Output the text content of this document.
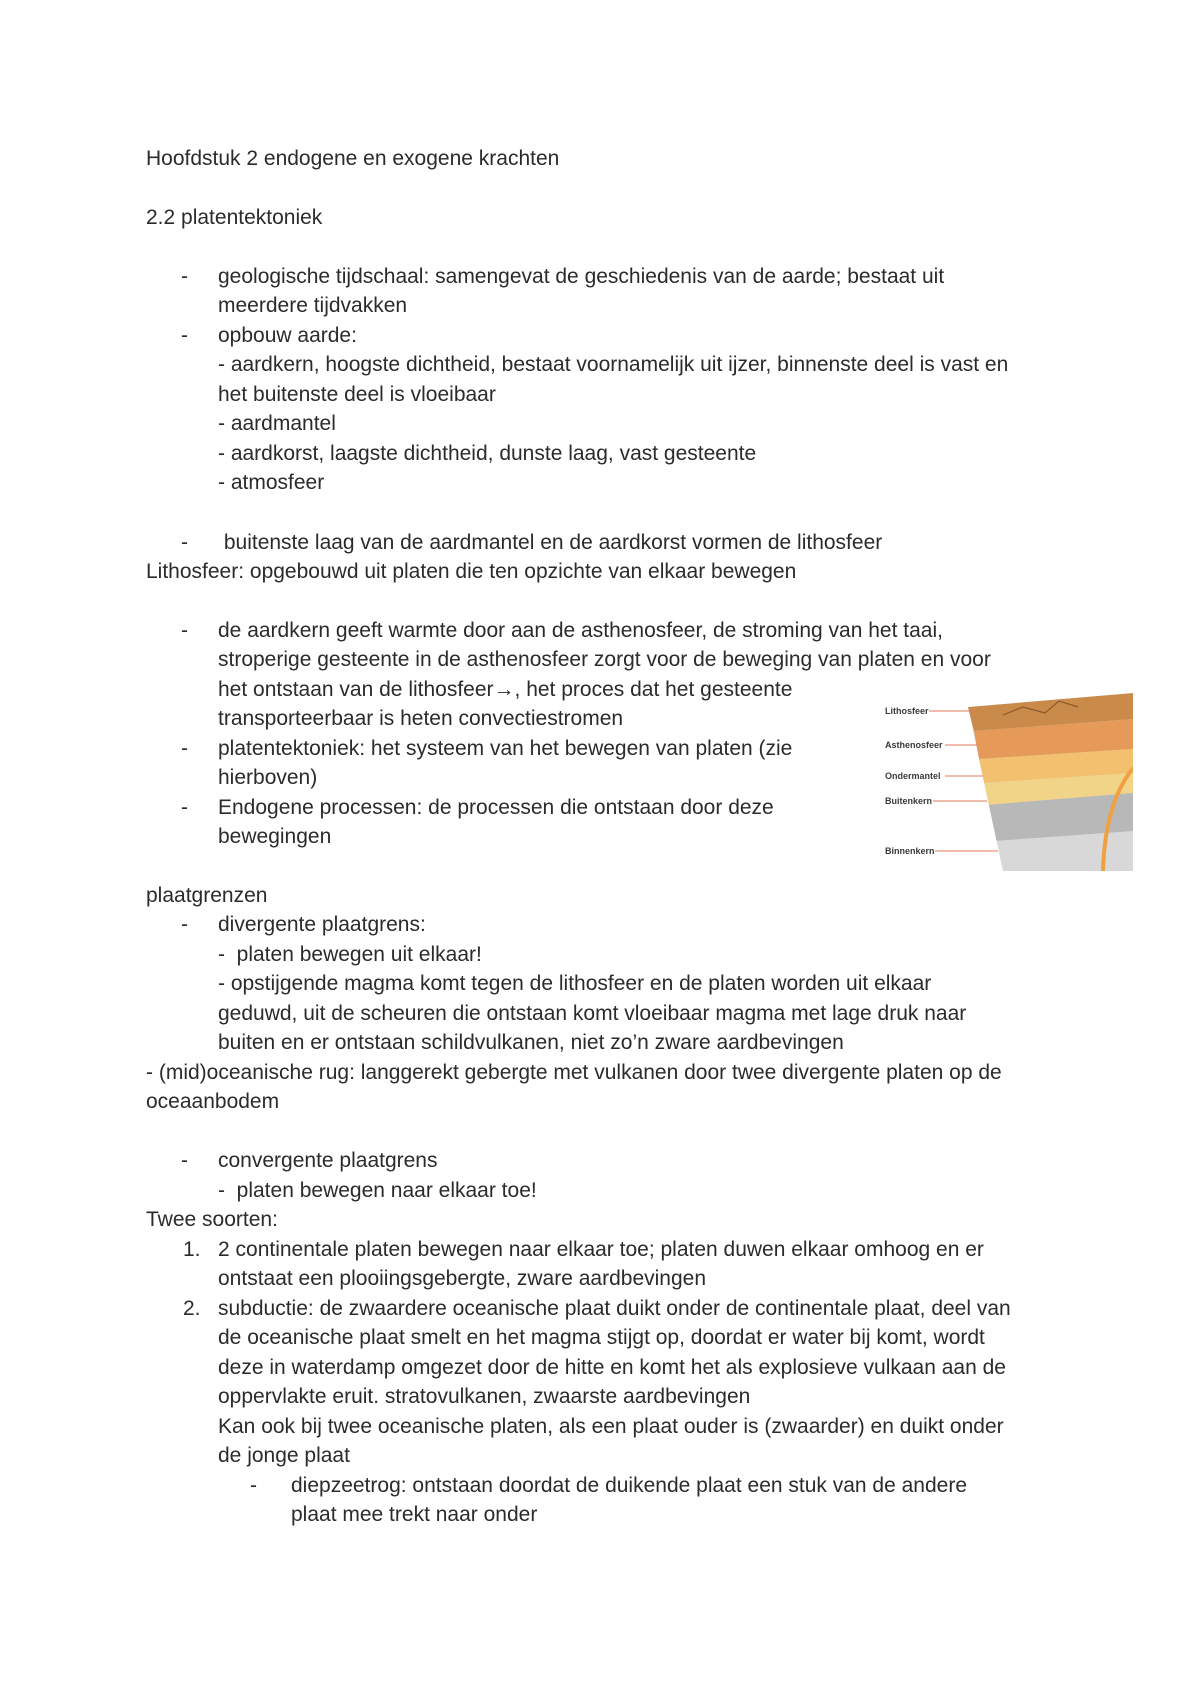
Hoofdstuk 2 endogene en exogene krachten
2.2 platentektoniek
- geologische tijdschaal: samengevat de geschiedenis van de aarde; bestaat uit
meerdere tijdvakken
- opbouw aarde:
- aardkern, hoogste dichtheid, bestaat voornamelijk uit ijzer, binnenste deel is vast en
het buitenste deel is vloeibaar
- aardmantel
- aardkorst, laagste dichtheid, dunste laag, vast gesteente
- atmosfeer
- buitenste laag van de aardmantel en de aardkorst vormen de lithosfeer
Lithosfeer: opgebouwd uit platen die ten opzichte van elkaar bewegen
- de aardkern geeft warmte door aan de asthenosfeer, de stroming van het taai,
stroperige gesteente in de asthenosfeer zorgt voor de beweging van platen en voor
het ontstaan van de lithosfeer→, het proces dat het gesteente
transporteerbaar is heten convectiestromen
- platentektoniek: het systeem van het bewegen van platen (zie
hierboven)
- Endogene processen: de processen die ontstaan door deze
bewegingen
Lithosfeer
Asthenosfeer
Ondermantel
Buitenkern
Binnenkern
plaatgrenzen
- divergente plaatgrens:
-  platen bewegen uit elkaar!
- opstijgende magma komt tegen de lithosfeer en de platen worden uit elkaar
geduwd, uit de scheuren die ontstaan komt vloeibaar magma met lage druk naar
buiten en er ontstaan schildvulkanen, niet zo’n zware aardbevingen
- (mid)oceanische rug: langgerekt gebergte met vulkanen door twee divergente platen op de
oceaanbodem
- convergente plaatgrens
-  platen bewegen naar elkaar toe!
Twee soorten:
1. 2 continentale platen bewegen naar elkaar toe; platen duwen elkaar omhoog en er
ontstaat een plooiingsgebergte, zware aardbevingen
2. subductie: de zwaardere oceanische plaat duikt onder de continentale plaat, deel van
de oceanische plaat smelt en het magma stijgt op, doordat er water bij komt, wordt
deze in waterdamp omgezet door de hitte en komt het als explosieve vulkaan aan de
oppervlakte eruit. stratovulkanen, zwaarste aardbevingen
Kan ook bij twee oceanische platen, als een plaat ouder is (zwaarder) en duikt onder
de jonge plaat
- diepzeetrog: ontstaan doordat de duikende plaat een stuk van de andere
plaat mee trekt naar onder
